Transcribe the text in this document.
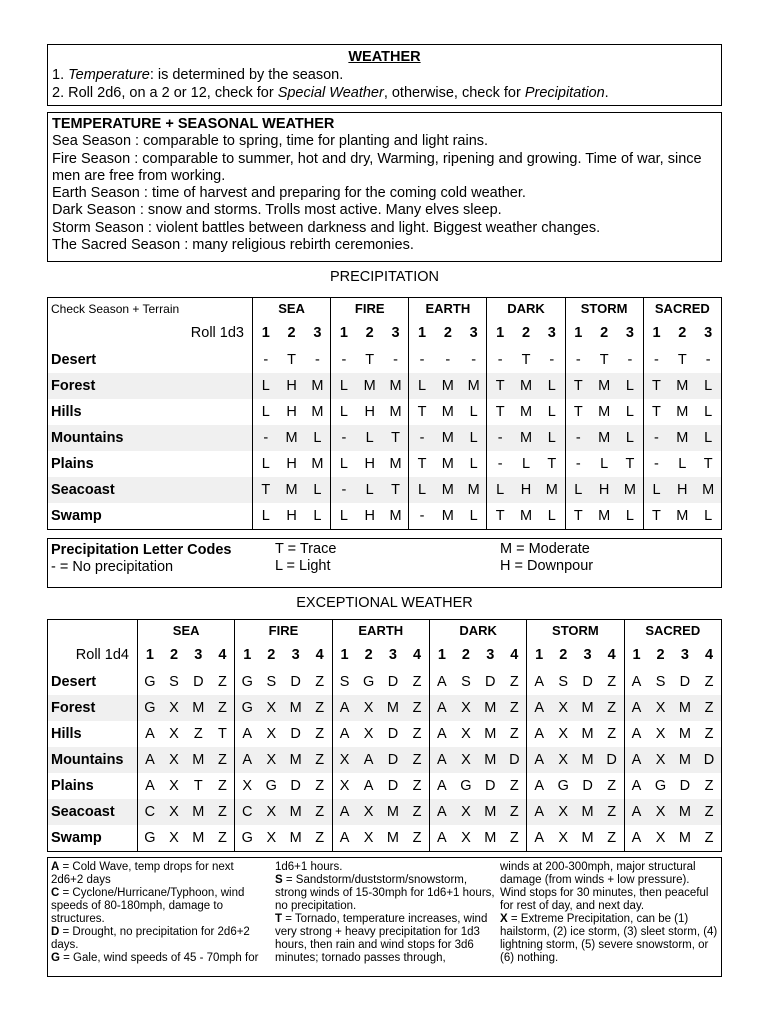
WEATHER
1. Temperature: is determined by the season.
2. Roll 2d6, on a 2 or 12, check for Special Weather, otherwise, check for Precipitation.
TEMPERATURE + SEASONAL WEATHER
Sea Season : comparable to spring, time for planting and light rains.
Fire Season : comparable to summer, hot and dry, Warming, ripening and growing. Time of war, since men are free from working.
Earth Season : time of harvest and preparing for the coming cold weather.
Dark Season : snow and storms. Trolls most active. Many elves sleep.
Storm Season : violent battles between darkness and light. Biggest weather changes.
The Sacred Season : many religious rebirth ceremonies.
PRECIPITATION
Check Season + Terrain	SEA			FIRE			EARTH			DARK			STORM			SACRED		
Roll 1d3	1	2	3	1	2	3	1	2	3	1	2	3	1	2	3	1	2	3
Desert	-	T	-	-	T	-	-	-	-	-	T	-	-	T	-	-	T	-
Forest	L	H	M	L	M	M	L	M	M	T	M	L	T	M	L	T	M	L
Hills	L	H	M	L	H	M	T	M	L	T	M	L	T	M	L	T	M	L
Mountains	-	M	L	-	L	T	-	M	L	-	M	L	-	M	L	-	M	L
Plains	L	H	M	L	H	M	T	M	L	-	L	T	-	L	T	-	L	T
Seacoast	T	M	L	-	L	T	L	M	M	L	H	M	L	H	M	L	H	M
Swamp	L	H	L	L	H	M	-	M	L	T	M	L	T	M	L	T	M	L
Precipitation Letter Codes
- = No precipitation
T = Trace
L = Light
M = Moderate
H = Downpour
EXCEPTIONAL WEATHER
	SEA				FIRE				EARTH				DARK				STORM				SACRED			
Roll 1d4	1	2	3	4	1	2	3	4	1	2	3	4	1	2	3	4	1	2	3	4	1	2	3	4
Desert	G	S	D	Z	G	S	D	Z	S	G	D	Z	A	S	D	Z	A	S	D	Z	A	S	D	Z
Forest	G	X	M	Z	G	X	M	Z	A	X	M	Z	A	X	M	Z	A	X	M	Z	A	X	M	Z
Hills	A	X	Z	T	A	X	D	Z	A	X	D	Z	A	X	M	Z	A	X	M	Z	A	X	M	Z
Mountains	A	X	M	Z	A	X	M	Z	X	A	D	Z	A	X	M	D	A	X	M	D	A	X	M	D
Plains	A	X	T	Z	X	G	D	Z	X	A	D	Z	A	G	D	Z	A	G	D	Z	A	G	D	Z
Seacoast	C	X	M	Z	C	X	M	Z	A	X	M	Z	A	X	M	Z	A	X	M	Z	A	X	M	Z
Swamp	G	X	M	Z	G	X	M	Z	A	X	M	Z	A	X	M	Z	A	X	M	Z	A	X	M	Z
A = Cold Wave, temp drops for next 2d6+2 days
C = Cyclone/Hurricane/Typhoon, wind speeds of 80-180mph, damage to structures.
D = Drought, no precipitation for 2d6+2 days.
G = Gale, wind speeds of 45 - 70mph for
1d6+1 hours.
S = Sandstorm/duststorm/snowstorm, strong winds of 15-30mph for 1d6+1 hours, no precipitation.
T = Tornado, temperature increases, wind very strong + heavy precipitation for 1d3 hours, then rain and wind stops for 3d6 minutes; tornado passes through,
winds at 200-300mph, major structural damage (from winds + low pressure). Wind stops for 30 minutes, then peaceful for rest of day, and next day.
X = Extreme Precipitation, can be (1) hailstorm, (2) ice storm, (3) sleet storm, (4) lightning storm, (5) severe snowstorm, or (6) nothing.
